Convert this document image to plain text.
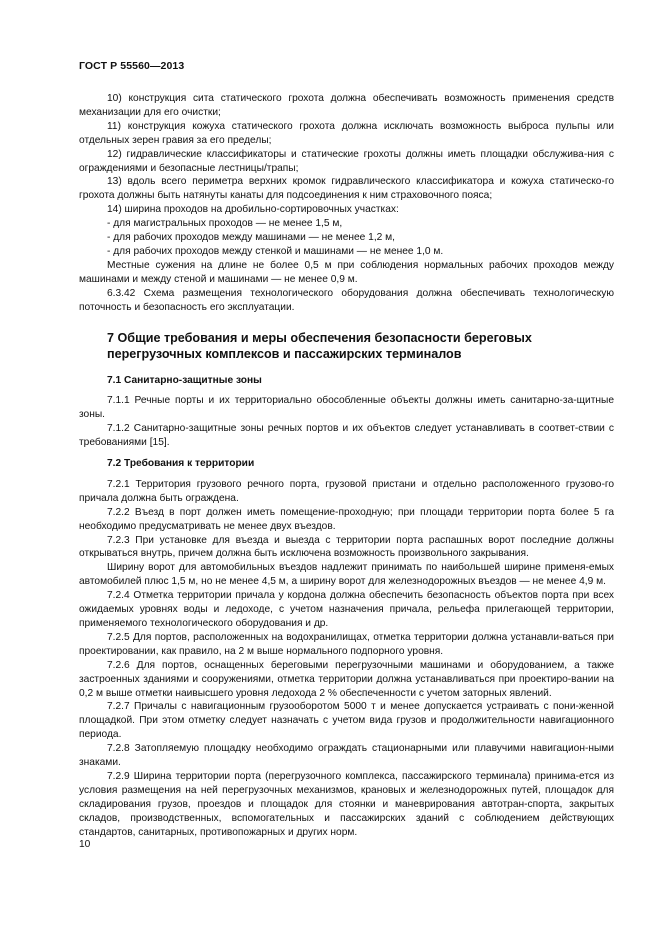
ГОСТ Р 55560—2013

10) конструкция сита статического грохота должна обеспечивать возможность применения средств механизации для его очистки;

11) конструкция кожуха статического грохота должна исключать возможность выброса пульпы или отдельных зерен гравия за его пределы;

12) гидравлические классификаторы и статические грохоты должны иметь площадки обслужива-ния с ограждениями и безопасные лестницы/трапы;

13) вдоль всего периметра верхних кромок гидравлического классификатора и кожуха статическо-го грохота должны быть натянуты канаты для подсоединения к ним страховочного пояса;

14) ширина проходов на дробильно-сортировочных участках:

- для магистральных проходов — не менее 1,5 м,

- для рабочих проходов между машинами — не менее 1,2 м,

- для рабочих проходов между стенкой и машинами — не менее 1,0 м.

Местные сужения на длине не более 0,5 м при соблюдения нормальных рабочих проходов между машинами и между стеной и машинами — не менее 0,9 м.

6.3.42 Схема размещения технологического оборудования должна обеспечивать технологическую поточность и безопасность его эксплуатации.

7 Общие требования и меры обеспечения безопасности береговых перегрузочных комплексов и пассажирских терминалов
7.1 Санитарно-защитные зоны

7.1.1 Речные порты и их территориально обособленные объекты должны иметь санитарно-за-щитные зоны.

7.1.2 Санитарно-защитные зоны речных портов и их объектов следует устанавливать в соответ-ствии с требованиями [15].

7.2 Требования к территории

7.2.1 Территория грузового речного порта, грузовой пристани и отдельно расположенного грузово-го причала должна быть ограждена.

7.2.2 Въезд в порт должен иметь помещение-проходную; при площади территории порта более 5 га необходимо предусматривать не менее двух въездов.

7.2.3 При установке для въезда и выезда с территории порта распашных ворот последние должны открываться внутрь, причем должна быть исключена возможность произвольного закрывания.

Ширину ворот для автомобильных въездов надлежит принимать по наибольшей ширине применя-емых автомобилей плюс 1,5 м, но не менее 4,5 м, а ширину ворот для железнодорожных въездов — не менее 4,9 м.

7.2.4 Отметка территории причала у кордона должна обеспечить безопасность объектов порта при всех ожидаемых уровнях воды и ледоходе, с учетом назначения причала, рельефа прилегающей территории, применяемого технологического оборудования и др.

7.2.5 Для портов, расположенных на водохранилищах, отметка территории должна устанавли-ваться при проектировании, как правило, на 2 м выше нормального подпорного уровня.

7.2.6 Для портов, оснащенных береговыми перегрузочными машинами и оборудованием, а также застроенных зданиями и сооружениями, отметка территории должна устанавливаться при проектиро-вании на 0,2 м выше отметки наивысшего уровня ледохода 2 % обеспеченности с учетом заторных явлений.

7.2.7 Причалы с навигационным грузооборотом 5000 т и менее допускается устраивать с пони-женной площадкой. При этом отметку следует назначать с учетом вида грузов и продолжительности навигационного периода.

7.2.8 Затопляемую площадку необходимо ограждать стационарными или плавучими навигацион-ными знаками.

7.2.9 Ширина территории порта (перегрузочного комплекса, пассажирского терминала) принима-ется из условия размещения на ней перегрузочных механизмов, крановых и железнодорожных путей, площадок для складирования грузов, проездов и площадок для стоянки и маневрирования автотран-спорта, закрытых складов, производственных, вспомогательных и пассажирских зданий с соблюдением действующих стандартов, санитарных, противопожарных и других норм.

10
